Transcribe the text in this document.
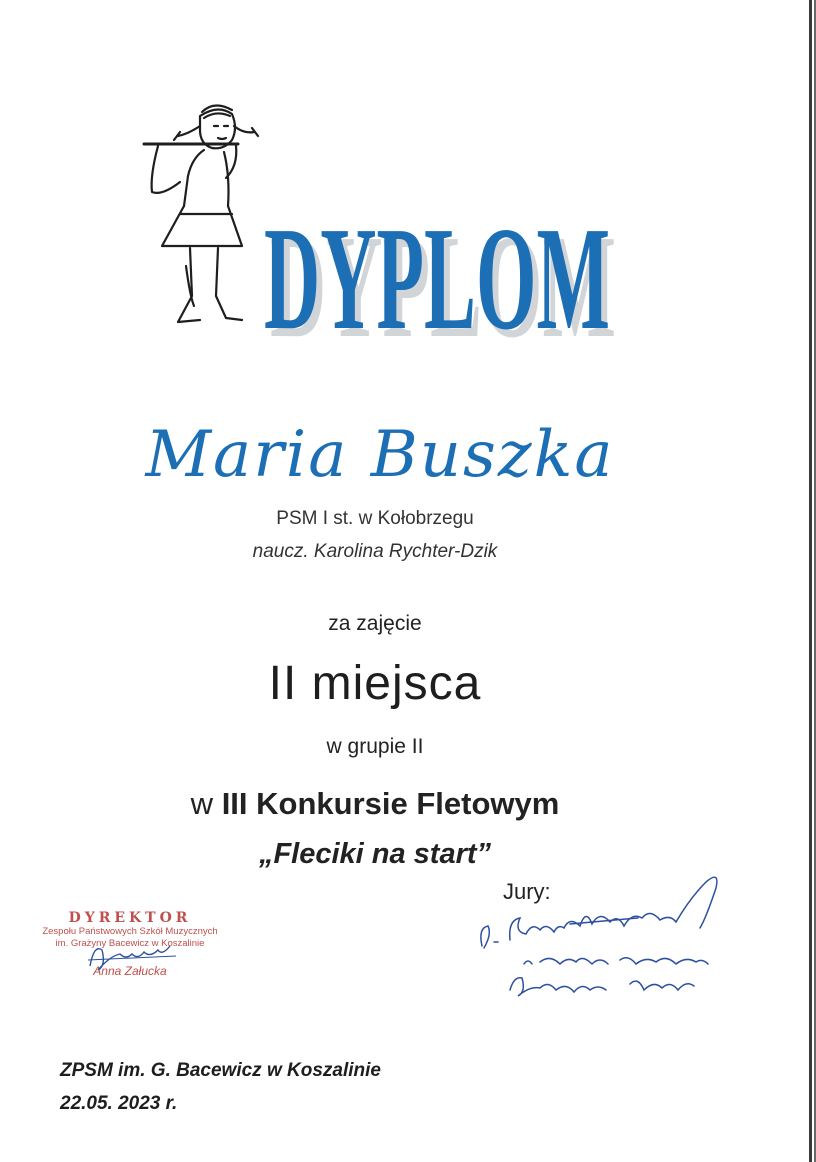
DYPLOM
DYPLOM
Maria Buszka
PSM I st. w Kołobrzegu
naucz. Karolina Rychter-Dzik
za zajęcie
II miejsca
w grupie II
w III Konkursie Fletowym
„Fleciki na start”
Jury:
DYREKTOR
Zespołu Państwowych Szkół Muzycznych
im. Grażyny Bacewicz w Koszalinie
Anna Załucka
ZPSM im. G. Bacewicz w Koszalinie
22.05. 2023 r.
